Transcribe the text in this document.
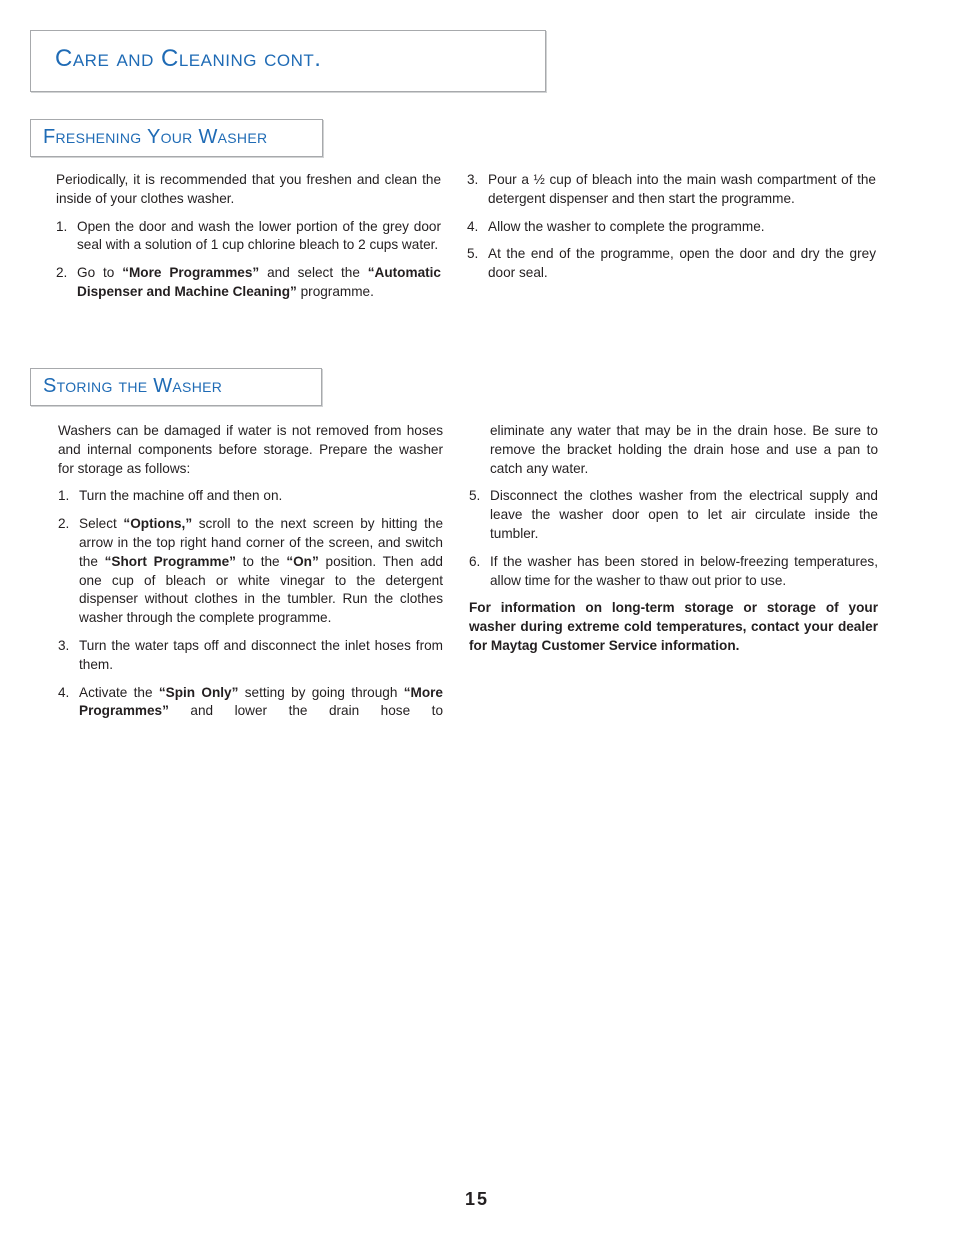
Care and Cleaning cont.
Freshening Your Washer

Periodically, it is recommended that you freshen and clean the inside of your clothes washer.

1. Open the door and wash the lower portion of the grey door seal with a solution of 1 cup chlorine bleach to 2 cups water.
2. Go to “More Programmes” and select the “Automatic Dispenser and Machine Cleaning” programme.
3. Pour a ½ cup of bleach into the main wash compartment of the detergent dispenser and then start the programme.
4. Allow the washer to complete the programme.
5. At the end of the programme, open the door and dry the grey door seal.
Storing the Washer

Washers can be damaged if water is not removed from hoses and internal components before storage. Prepare the washer for storage as follows:

1. Turn the machine off and then on.
2. Select “Options,” scroll to the next screen by hitting the arrow in the top right hand corner of the screen, and switch the “Short Programme” to the “On” position. Then add one cup of bleach or white vinegar to the detergent dispenser without clothes in the tumbler. Run the clothes washer through the complete programme.
3. Turn the water taps off and disconnect the inlet hoses from them.
4. Activate the “Spin Only” setting by going through “More Programmes” and lower the drain hose to
eliminate any water that may be in the drain hose. Be sure to remove the bracket holding the drain hose and use a pan to catch any water.
5. Disconnect the clothes washer from the electrical supply and leave the washer door open to let air circulate inside the tumbler.
6. If the washer has been stored in below-freezing temperatures, allow time for the washer to thaw out prior to use.

For information on long-term storage or storage of your washer during extreme cold temperatures, contact your dealer for Maytag Customer Service information.

15
